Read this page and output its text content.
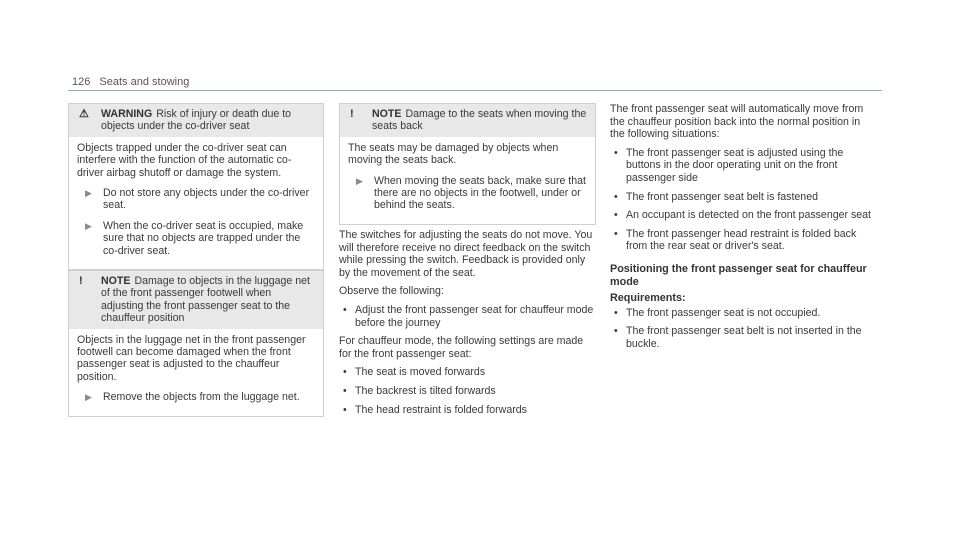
126 Seats and stowing
⚠ WARNING Risk of injury or death due to objects under the co-driver seat

Objects trapped under the co-driver seat can interfere with the function of the automatic co-driver airbag shutoff or damage the system.

▶ Do not store any objects under the co-driver seat.
▶ When the co-driver seat is occupied, make sure that no objects are trapped under the co-driver seat.
! NOTE Damage to objects in the luggage net of the front passenger footwell when adjusting the front passenger seat to the chauffeur position

Objects in the luggage net in the front passenger footwell can become damaged when the front passenger seat is adjusted to the chauffeur position.

▶ Remove the objects from the luggage net.
! NOTE Damage to the seats when moving the seats back

The seats may be damaged by objects when moving the seats back.

▶ When moving the seats back, make sure that there are no objects in the footwell, under or behind the seats.

The switches for adjusting the seats do not move. You will therefore receive no direct feedback on the switch while pressing the switch. Feedback is provided only by the movement of the seat.

Observe the following:

• Adjust the front passenger seat for chauffeur mode before the journey

For chauffeur mode, the following settings are made for the front passenger seat:

• The seat is moved forwards
• The backrest is tilted forwards
• The head restraint is folded forwards

The front passenger seat will automatically move from the chauffeur position back into the normal position in the following situations:

• The front passenger seat is adjusted using the buttons in the door operating unit on the front passenger side
• The front passenger seat belt is fastened
• An occupant is detected on the front passenger seat
• The front passenger head restraint is folded back from the rear seat or driver's seat.
Positioning the front passenger seat for chauffeur mode
Requirements:
• The front passenger seat is not occupied.
• The front passenger seat belt is not inserted in the buckle.
